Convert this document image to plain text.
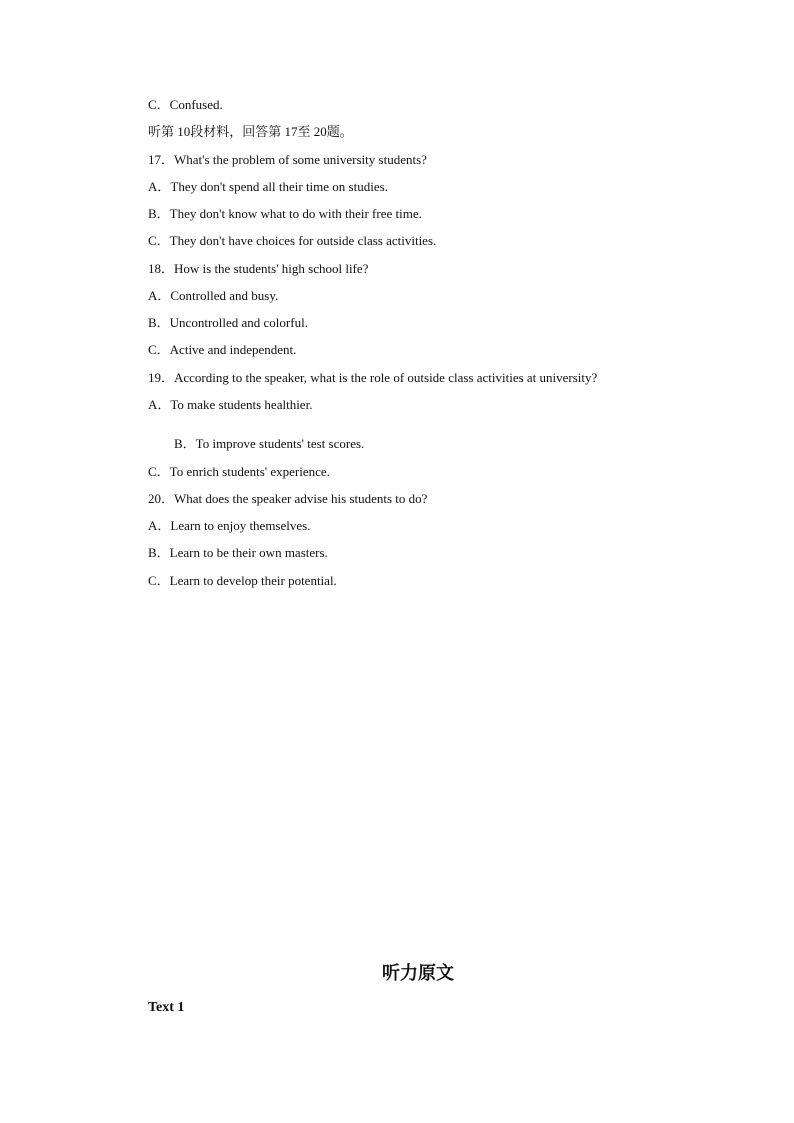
C．Confused.
听第 10段材料，回答第 17至 20题。
17．What's the problem of some university students?
A．They don't spend all their time on studies.
B．They don't know what to do with their free time.
C．They don't have choices for outside class activities.
18．How is the students' high school life?
A．Controlled and busy.
B．Uncontrolled and colorful.
C．Active and independent.
19．According to the speaker, what is the role of outside class activities at university?
A．To make students healthier.
B．To improve students' test scores.
C．To enrich students' experience.
20．What does the speaker advise his students to do?
A．Learn to enjoy themselves.
B．Learn to be their own masters.
C．Learn to develop their potential.
听力原文
Text 1
